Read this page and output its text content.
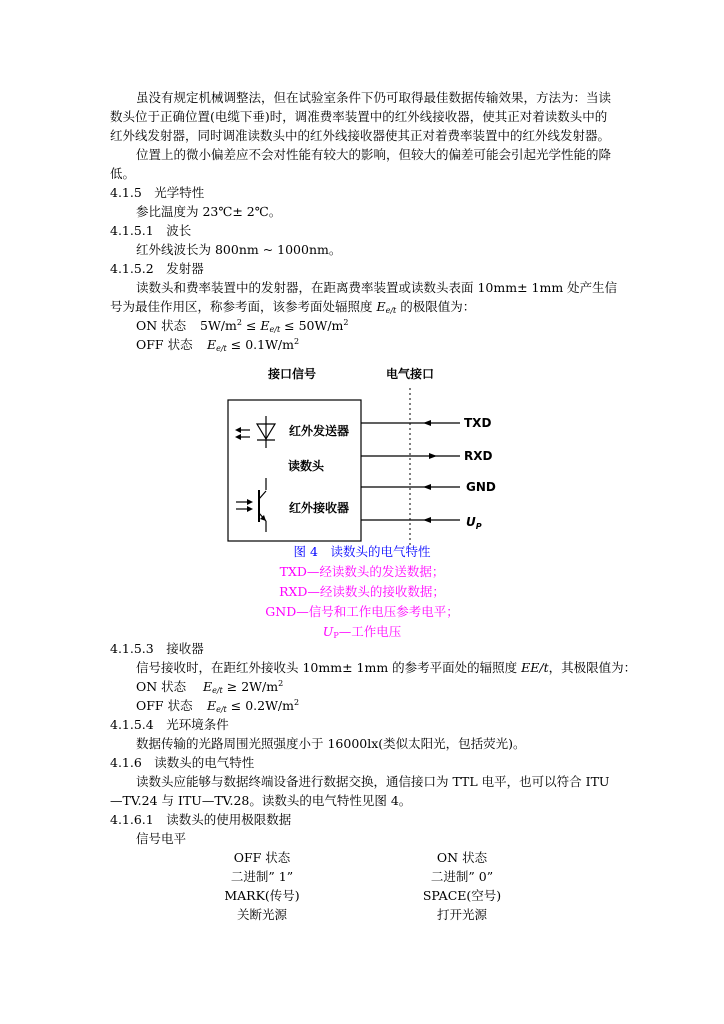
虽没有规定机械调整法，但在试验室条件下仍可取得最佳数据传输效果，方法为：当读
数头位于正确位置(电缆下垂)时，调准费率装置中的红外线接收器，使其正对着读数头中的
红外线发射器，同时调准读数头中的红外线接收器使其正对着费率装置中的红外线发射器。
位置上的微小偏差应不会对性能有较大的影响，但较大的偏差可能会引起光学性能的降
低。
4.1.5　光学特性
参比温度为 23℃± 2℃。
4.1.5.1　波长
红外线波长为 800nm ~ 1000nm。
4.1.5.2　发射器
读数头和费率装置中的发射器，在距离费率装置或读数头表面 10mm± 1mm 处产生信
号为最佳作用区，称参考面，该参考面处辐照度 $E_{e/t}$ 的极限值为：
ON 状态 $5W/m^2 \le E_{e/t} \le 50W/m^2$
OFF 状态 $E_{e/t} \le 0.1W/m^2$
接口信号	电气接口
红外发送器
读数头
红外接收器
TXD
RXD
GND
$U_P$
图 4　读数头的电气特性
TXD—经读数头的发送数据；
RXD—经读数头的接收数据；
GND—信号和工作电压参考电平；
$U_P—$工作电压
4.1.5.3　接收器
信号接收时，在距红外接收头 10mm± 1mm 的参考平面处的辐照度 EE/t，其极限值为：
ON 状态 $E_{e/t} \ge 2W/m^2$
OFF 状态 $E_{e/t} \le 0.2W/m^2$
4.1.5.4　光环境条件
数据传输的光路周围光照强度小于 16000lx(类似太阳光，包括荧光)。
4.1.6　读数头的电气特性
读数头应能够与数据终端设备进行数据交换，通信接口为 TTL 电平，也可以符合 ITU
—TV.24 与 ITU—TV.28。读数头的电气特性见图 4。
4.1.6.1　读数头的使用极限数据
信号电平
OFF 状态
二进制” 1”
MARK(传号)
关断光源
ON 状态
二进制” 0”
SPACE(空号)
打开光源
